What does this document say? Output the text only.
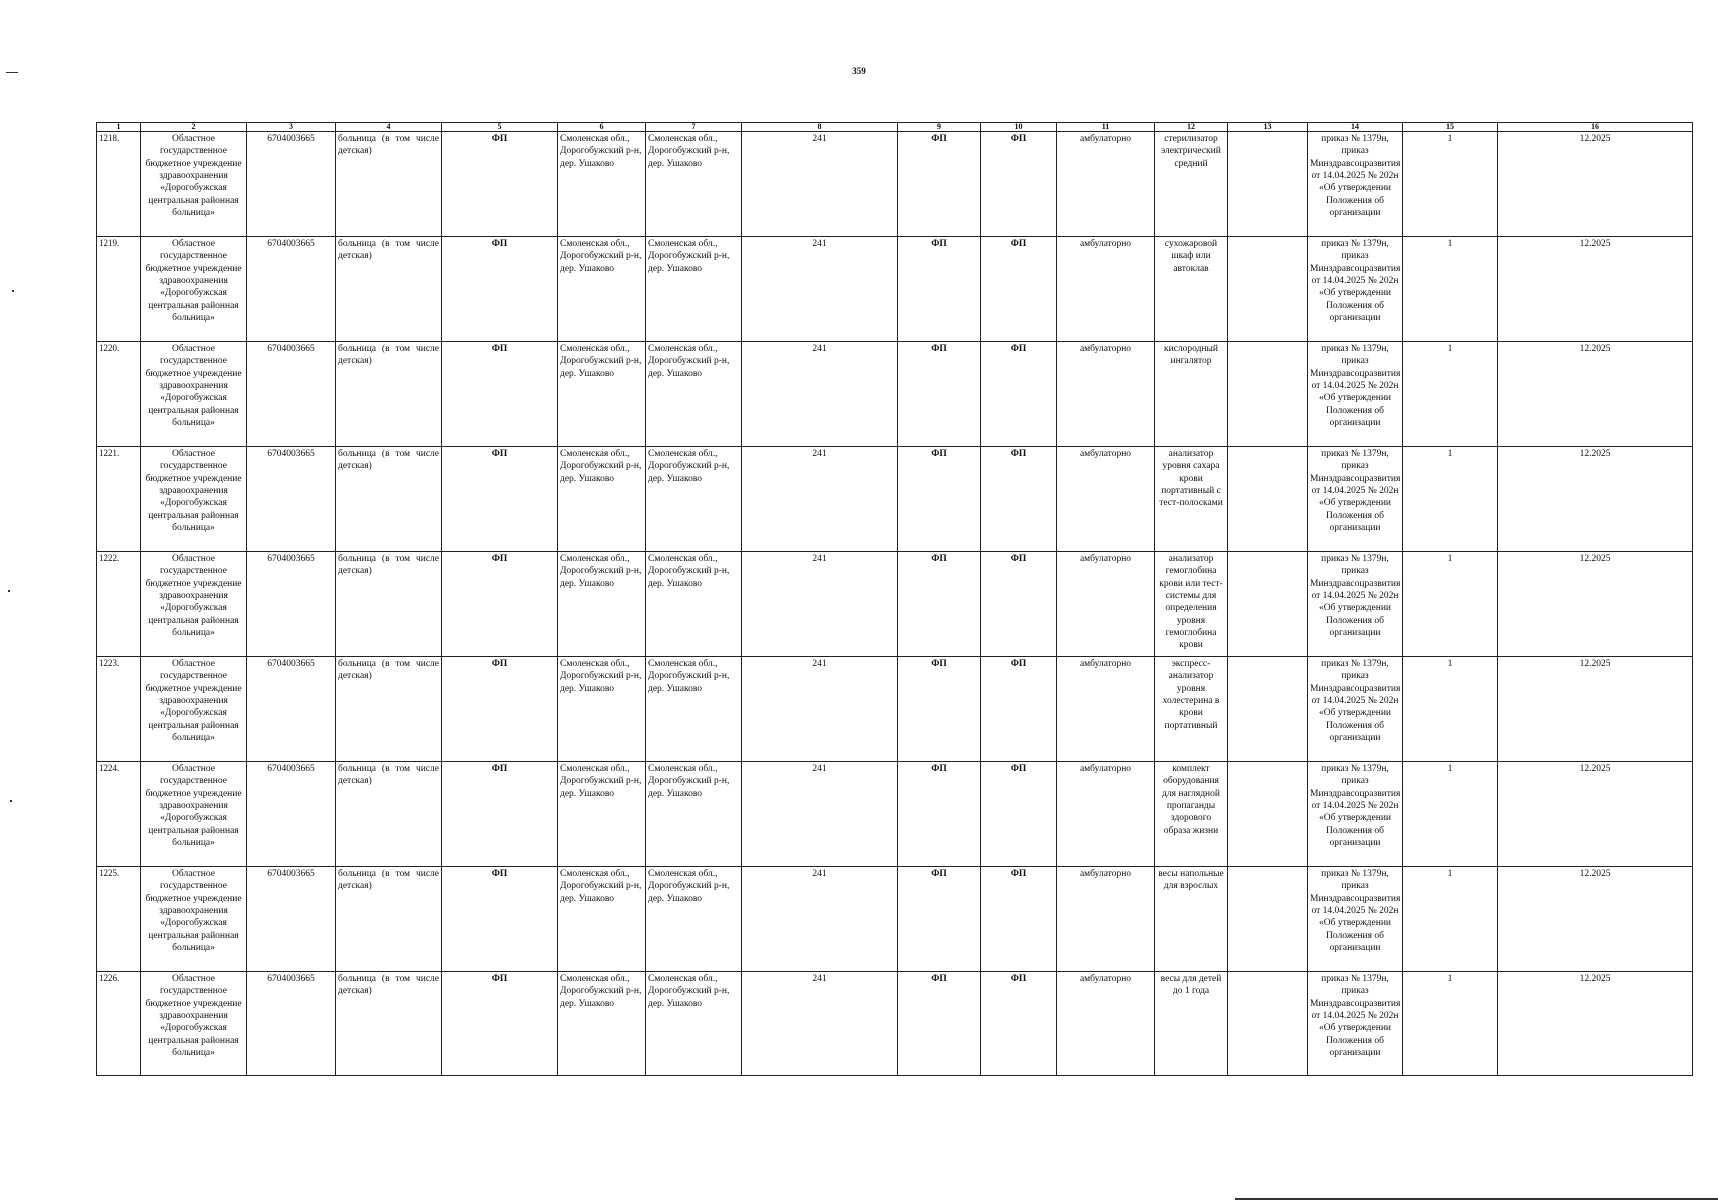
359
1	2	3	4	5	6	7	8	9	10	11	12	13	14	15	16
1218.	Областное государственное бюджетное учреждение здравоохранения «Дорогобужская центральная районная больница»	6704003665	больница (в том числе детская)	ФП	Смоленская обл., Дорогобужский р-н, дер. Ушаково	Смоленская обл., Дорогобужский р-н, дер. Ушаково	241	ФП	ФП	амбулаторно	стерилизатор электрический средний		приказ № 1379н, приказ Минздравсоцразвития от 14.04.2025 № 202н «Об утверждении Положения об организации	1	12.2025
1219.	Областное государственное бюджетное учреждение здравоохранения «Дорогобужская центральная районная больница»	6704003665	больница (в том числе детская)	ФП	Смоленская обл., Дорогобужский р-н, дер. Ушаково	Смоленская обл., Дорогобужский р-н, дер. Ушаково	241	ФП	ФП	амбулаторно	сухожаровой шкаф или автоклав		приказ № 1379н, приказ Минздравсоцразвития от 14.04.2025 № 202н «Об утверждении Положения об организации	1	12.2025
1220.	Областное государственное бюджетное учреждение здравоохранения «Дорогобужская центральная районная больница»	6704003665	больница (в том числе детская)	ФП	Смоленская обл., Дорогобужский р-н, дер. Ушаково	Смоленская обл., Дорогобужский р-н, дер. Ушаково	241	ФП	ФП	амбулаторно	кислородный ингалятор		приказ № 1379н, приказ Минздравсоцразвития от 14.04.2025 № 202н «Об утверждении Положения об организации	1	12.2025
1221.	Областное государственное бюджетное учреждение здравоохранения «Дорогобужская центральная районная больница»	6704003665	больница (в том числе детская)	ФП	Смоленская обл., Дорогобужский р-н, дер. Ушаково	Смоленская обл., Дорогобужский р-н, дер. Ушаково	241	ФП	ФП	амбулаторно	анализатор уровня сахара крови портативный с тест-полосками		приказ № 1379н, приказ Минздравсоцразвития от 14.04.2025 № 202н «Об утверждении Положения об организации	1	12.2025
1222.	Областное государственное бюджетное учреждение здравоохранения «Дорогобужская центральная районная больница»	6704003665	больница (в том числе детская)	ФП	Смоленская обл., Дорогобужский р-н, дер. Ушаково	Смоленская обл., Дорогобужский р-н, дер. Ушаково	241	ФП	ФП	амбулаторно	анализатор гемоглобина крови или тест-системы для определения уровня гемоглобина крови		приказ № 1379н, приказ Минздравсоцразвития от 14.04.2025 № 202н «Об утверждении Положения об организации	1	12.2025
1223.	Областное государственное бюджетное учреждение здравоохранения «Дорогобужская центральная районная больница»	6704003665	больница (в том числе детская)	ФП	Смоленская обл., Дорогобужский р-н, дер. Ушаково	Смоленская обл., Дорогобужский р-н, дер. Ушаково	241	ФП	ФП	амбулаторно	экспресс-анализатор уровня холестерина в крови портативный		приказ № 1379н, приказ Минздравсоцразвития от 14.04.2025 № 202н «Об утверждении Положения об организации	1	12.2025
1224.	Областное государственное бюджетное учреждение здравоохранения «Дорогобужская центральная районная больница»	6704003665	больница (в том числе детская)	ФП	Смоленская обл., Дорогобужский р-н, дер. Ушаково	Смоленская обл., Дорогобужский р-н, дер. Ушаково	241	ФП	ФП	амбулаторно	комплект оборудования для наглядной пропаганды здорового образа жизни		приказ № 1379н, приказ Минздравсоцразвития от 14.04.2025 № 202н «Об утверждении Положения об организации	1	12.2025
1225.	Областное государственное бюджетное учреждение здравоохранения «Дорогобужская центральная районная больница»	6704003665	больница (в том числе детская)	ФП	Смоленская обл., Дорогобужский р-н, дер. Ушаково	Смоленская обл., Дорогобужский р-н, дер. Ушаково	241	ФП	ФП	амбулаторно	весы напольные для взрослых		приказ № 1379н, приказ Минздравсоцразвития от 14.04.2025 № 202н «Об утверждении Положения об организации	1	12.2025
1226.	Областное государственное бюджетное учреждение здравоохранения «Дорогобужская центральная районная больница»	6704003665	больница (в том числе детская)	ФП	Смоленская обл., Дорогобужский р-н, дер. Ушаково	Смоленская обл., Дорогобужский р-н, дер. Ушаково	241	ФП	ФП	амбулаторно	весы для детей до 1 года		приказ № 1379н, приказ Минздравсоцразвития от 14.04.2025 № 202н «Об утверждении Положения об организации	1	12.2025
